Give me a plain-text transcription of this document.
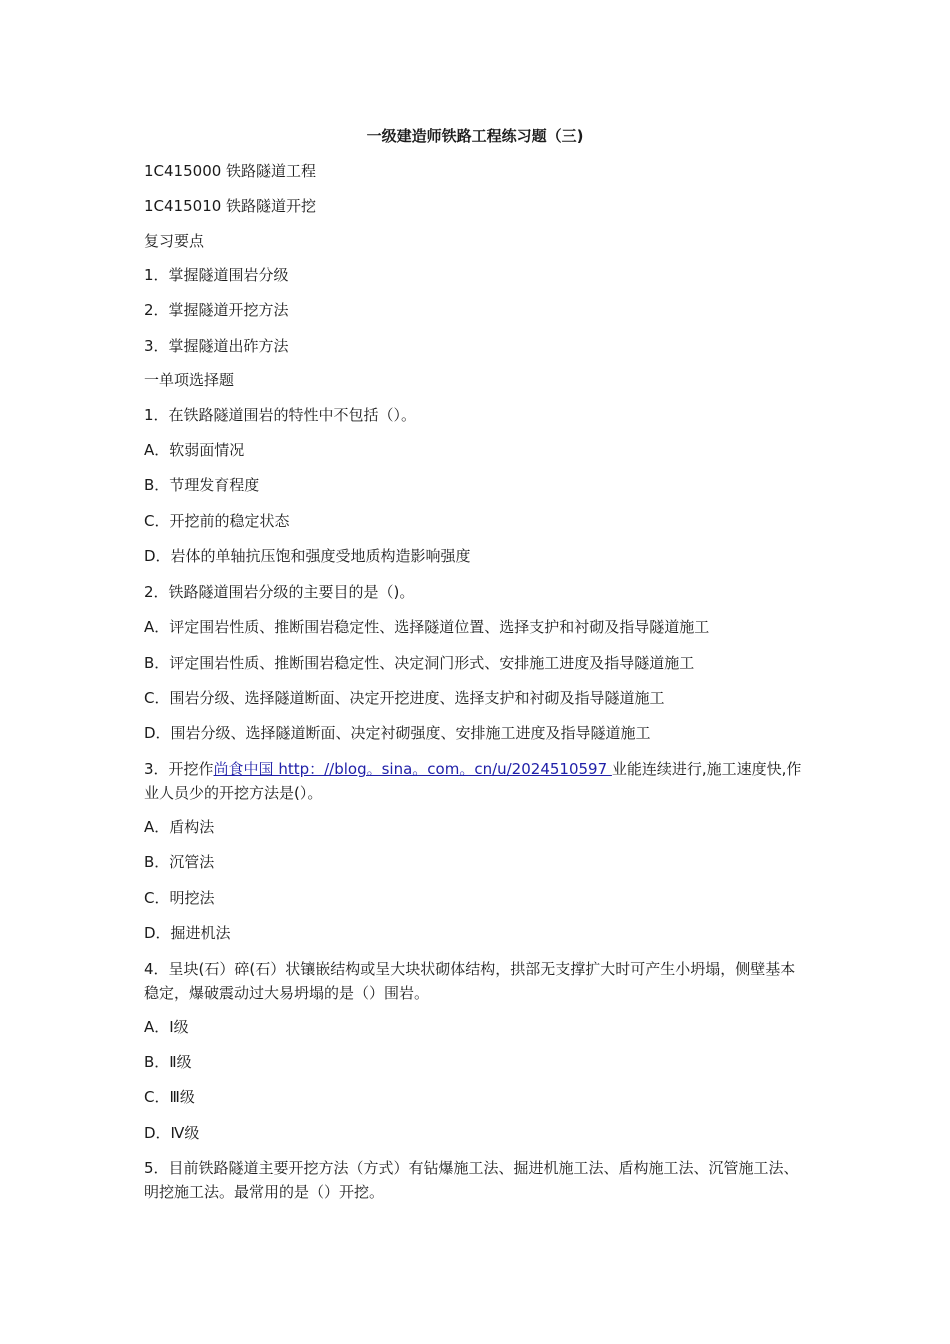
一级建造师铁路工程练习题（三)
1C415000 铁路隧道工程
1C415010 铁路隧道开挖
复习要点
1．掌握隧道围岩分级
2．掌握隧道开挖方法
3．掌握隧道出砟方法
一单项选择题
1．在铁路隧道围岩的特性中不包括（）。
A．软弱面情况
B．节理发育程度
C．开挖前的稳定状态
D．岩体的单轴抗压饱和强度受地质构造影响强度
2．铁路隧道围岩分级的主要目的是（)。
A．评定围岩性质、推断围岩稳定性、选择隧道位置、选择支护和衬砌及指导隧道施工
B．评定围岩性质、推断围岩稳定性、决定洞门形式、安排施工进度及指导隧道施工
C．围岩分级、选择隧道断面、决定开挖进度、选择支护和衬砌及指导隧道施工
D．围岩分级、选择隧道断面、决定衬砌强度、安排施工进度及指导隧道施工
3．开挖作尚食中国 http：//blog。sina。com。cn/u/2024510597 业能连续进行,施工速度快,作业人员少的开挖方法是(）。
A．盾构法
B．沉管法
C．明挖法
D．掘进机法
4．呈块(石）碎(石）状镶嵌结构或呈大块状砌体结构，拱部无支撑扩大时可产生小坍塌，侧壁基本稳定，爆破震动过大易坍塌的是（）围岩。
A．Ⅰ级
B．Ⅱ级
C．Ⅲ级
D．Ⅳ级
5．目前铁路隧道主要开挖方法（方式）有钻爆施工法、掘进机施工法、盾构施工法、沉管施工法、明挖施工法。最常用的是（）开挖。
